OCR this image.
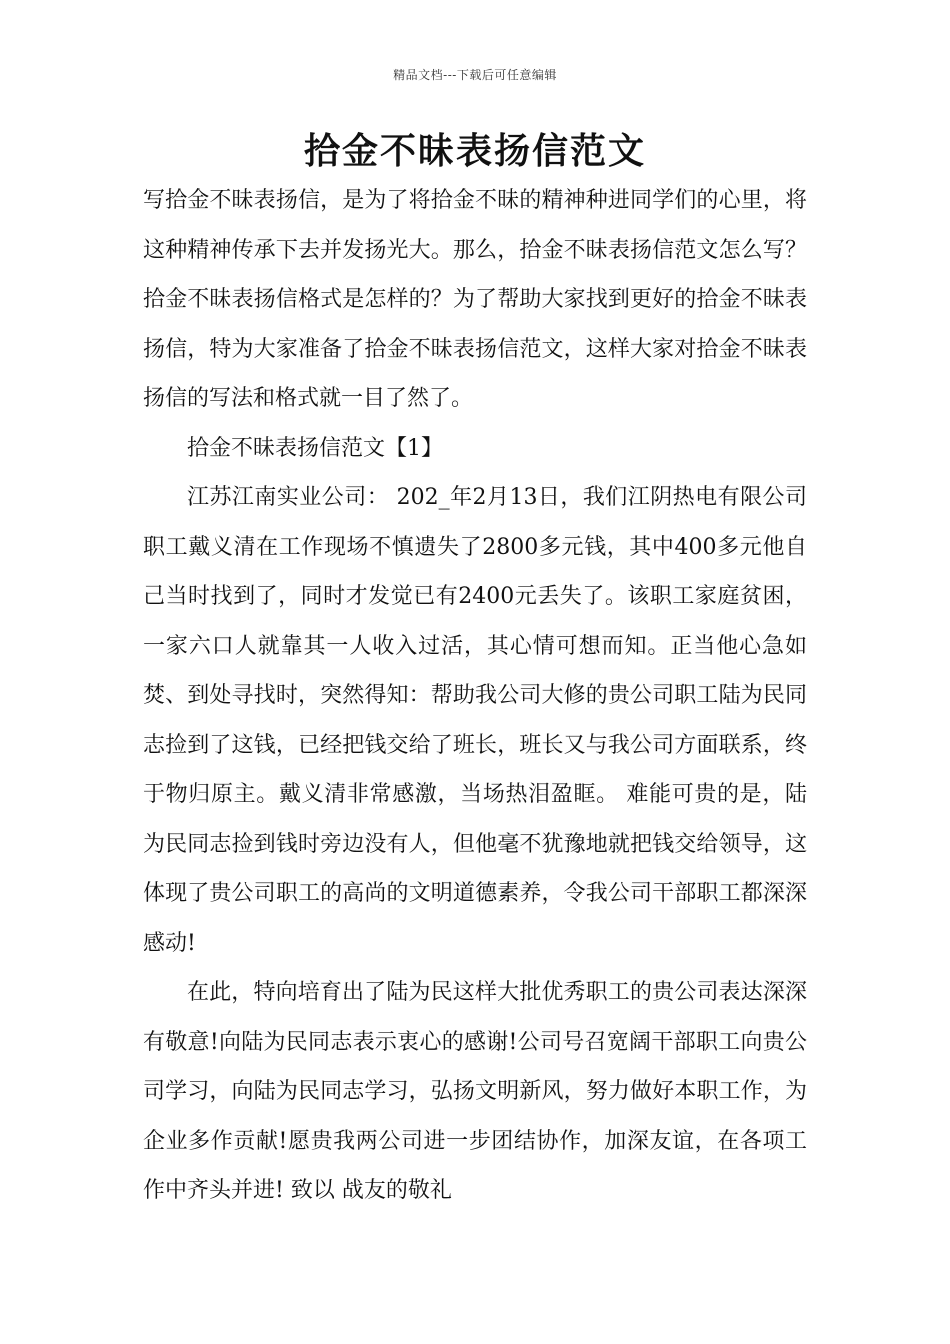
精品文档---下载后可任意编辑
拾金不昧表扬信范文

写拾金不昧表扬信，是为了将拾金不昧的精神种进同学们的心里，将这种精神传承下去并发扬光大。那么，拾金不昧表扬信范文怎么写？拾金不昧表扬信格式是怎样的？为了帮助大家找到更好的拾金不昧表扬信，特为大家准备了拾金不昧表扬信范文，这样大家对拾金不昧表扬信的写法和格式就一目了然了。

拾金不昧表扬信范文【1】

江苏江南实业公司： 202_年2月13日，我们江阴热电有限公司职工戴义清在工作现场不慎遗失了2800多元钱，其中400多元他自己当时找到了，同时才发觉已有2400元丢失了。该职工家庭贫困，一家六口人就靠其一人收入过活，其心情可想而知。正当他心急如焚、到处寻找时，突然得知：帮助我公司大修的贵公司职工陆为民同志捡到了这钱，已经把钱交给了班长，班长又与我公司方面联系，终于物归原主。戴义清非常感激，当场热泪盈眶。 难能可贵的是，陆为民同志捡到钱时旁边没有人，但他毫不犹豫地就把钱交给领导，这体现了贵公司职工的高尚的文明道德素养，令我公司干部职工都深深感动!

在此，特向培育出了陆为民这样大批优秀职工的贵公司表达深深有敬意!向陆为民同志表示衷心的感谢!公司号召宽阔干部职工向贵公司学习，向陆为民同志学习，弘扬文明新风，努力做好本职工作，为企业多作贡献!愿贵我两公司进一步团结协作，加深友谊，在各项工作中齐头并进! 致以 战友的敬礼
